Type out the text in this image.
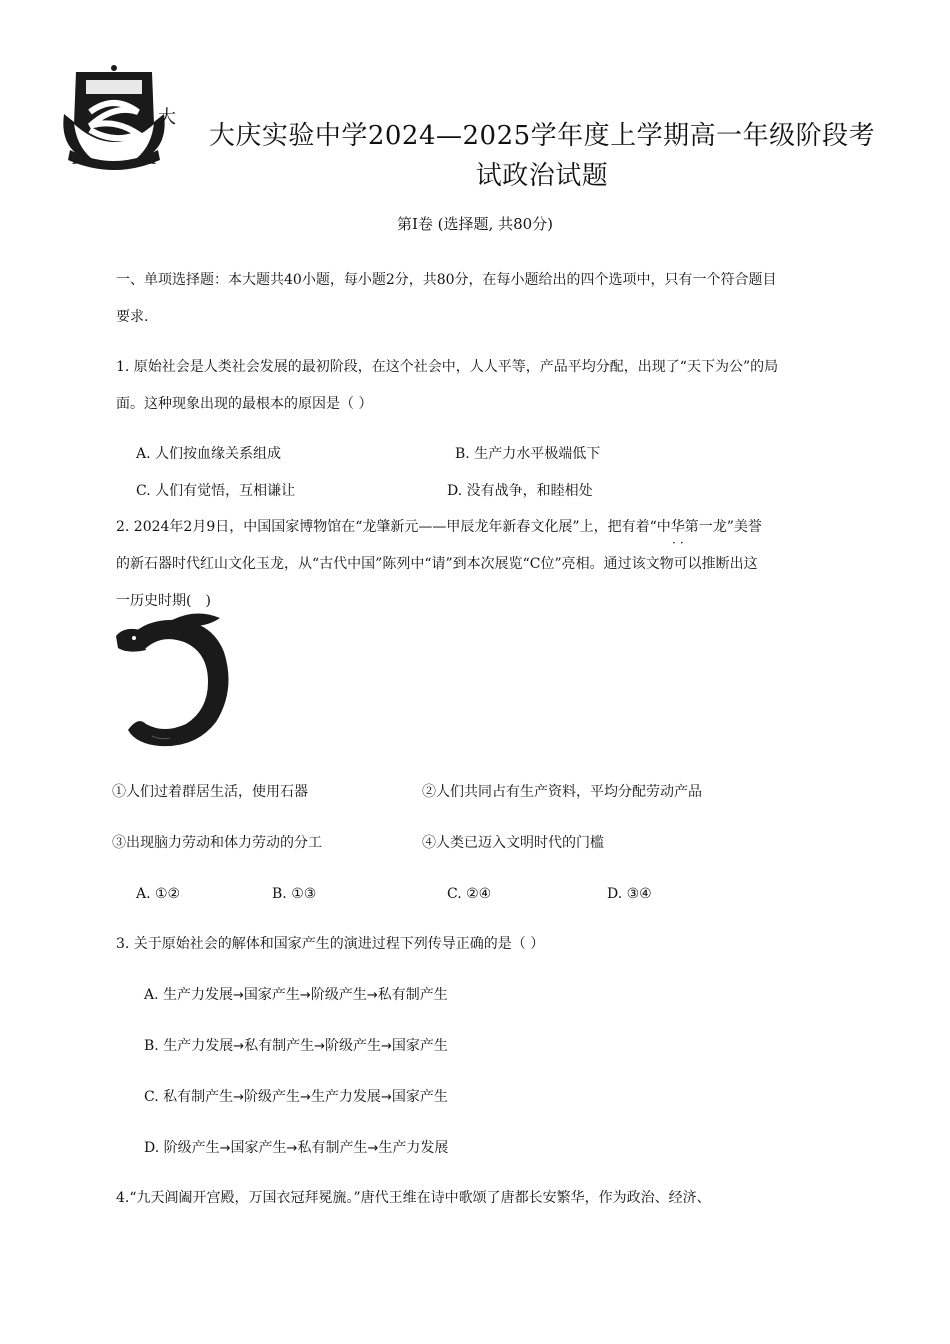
大
大庆实验中学2024—2025学年度上学期高一年级阶段考
试政治试题
第Ⅰ卷 (选择题, 共80分)
一、单项选择题：本大题共40小题，每小题2分，共80分，在每小题给出的四个选项中，只有一个符合题目
要求.
1. 原始社会是人类社会发展的最初阶段，在这个社会中，人人平等，产品平均分配，出现了“天下为公”的局
面。这种现象出现的最根本的原因是（ ）
A. 人们按血缘关系组成	B. 生产力水平极端低下
C. 人们有觉悟，互相谦让	D. 没有战争，和睦相处
2. 2024年2月9日，中国国家博物馆在“龙肇新元——甲辰龙年新春文化展”上，把有着“中华第一龙”美誉
··
的新石器时代红山文化玉龙，从“古代中国”陈列中“请”到本次展览“C位”亮相。通过该文物可以推断出这
一历史时期(　)
①人们过着群居生活，使用石器	②人们共同占有生产资料，平均分配劳动产品
③出现脑力劳动和体力劳动的分工	④人类已迈入文明时代的门槛
A. ①②	B. ①③	C. ②④	D. ③④
3. 关于原始社会的解体和国家产生的演进过程下列传导正确的是（ ）
A. 生产力发展→国家产生→阶级产生→私有制产生
B. 生产力发展→私有制产生→阶级产生→国家产生
C. 私有制产生→阶级产生→生产力发展→国家产生
D. 阶级产生→国家产生→私有制产生→生产力发展
4.“九天阊阖开宫殿，万国衣冠拜冕旒。”唐代王维在诗中歌颂了唐都长安繁华，作为政治、经济、
